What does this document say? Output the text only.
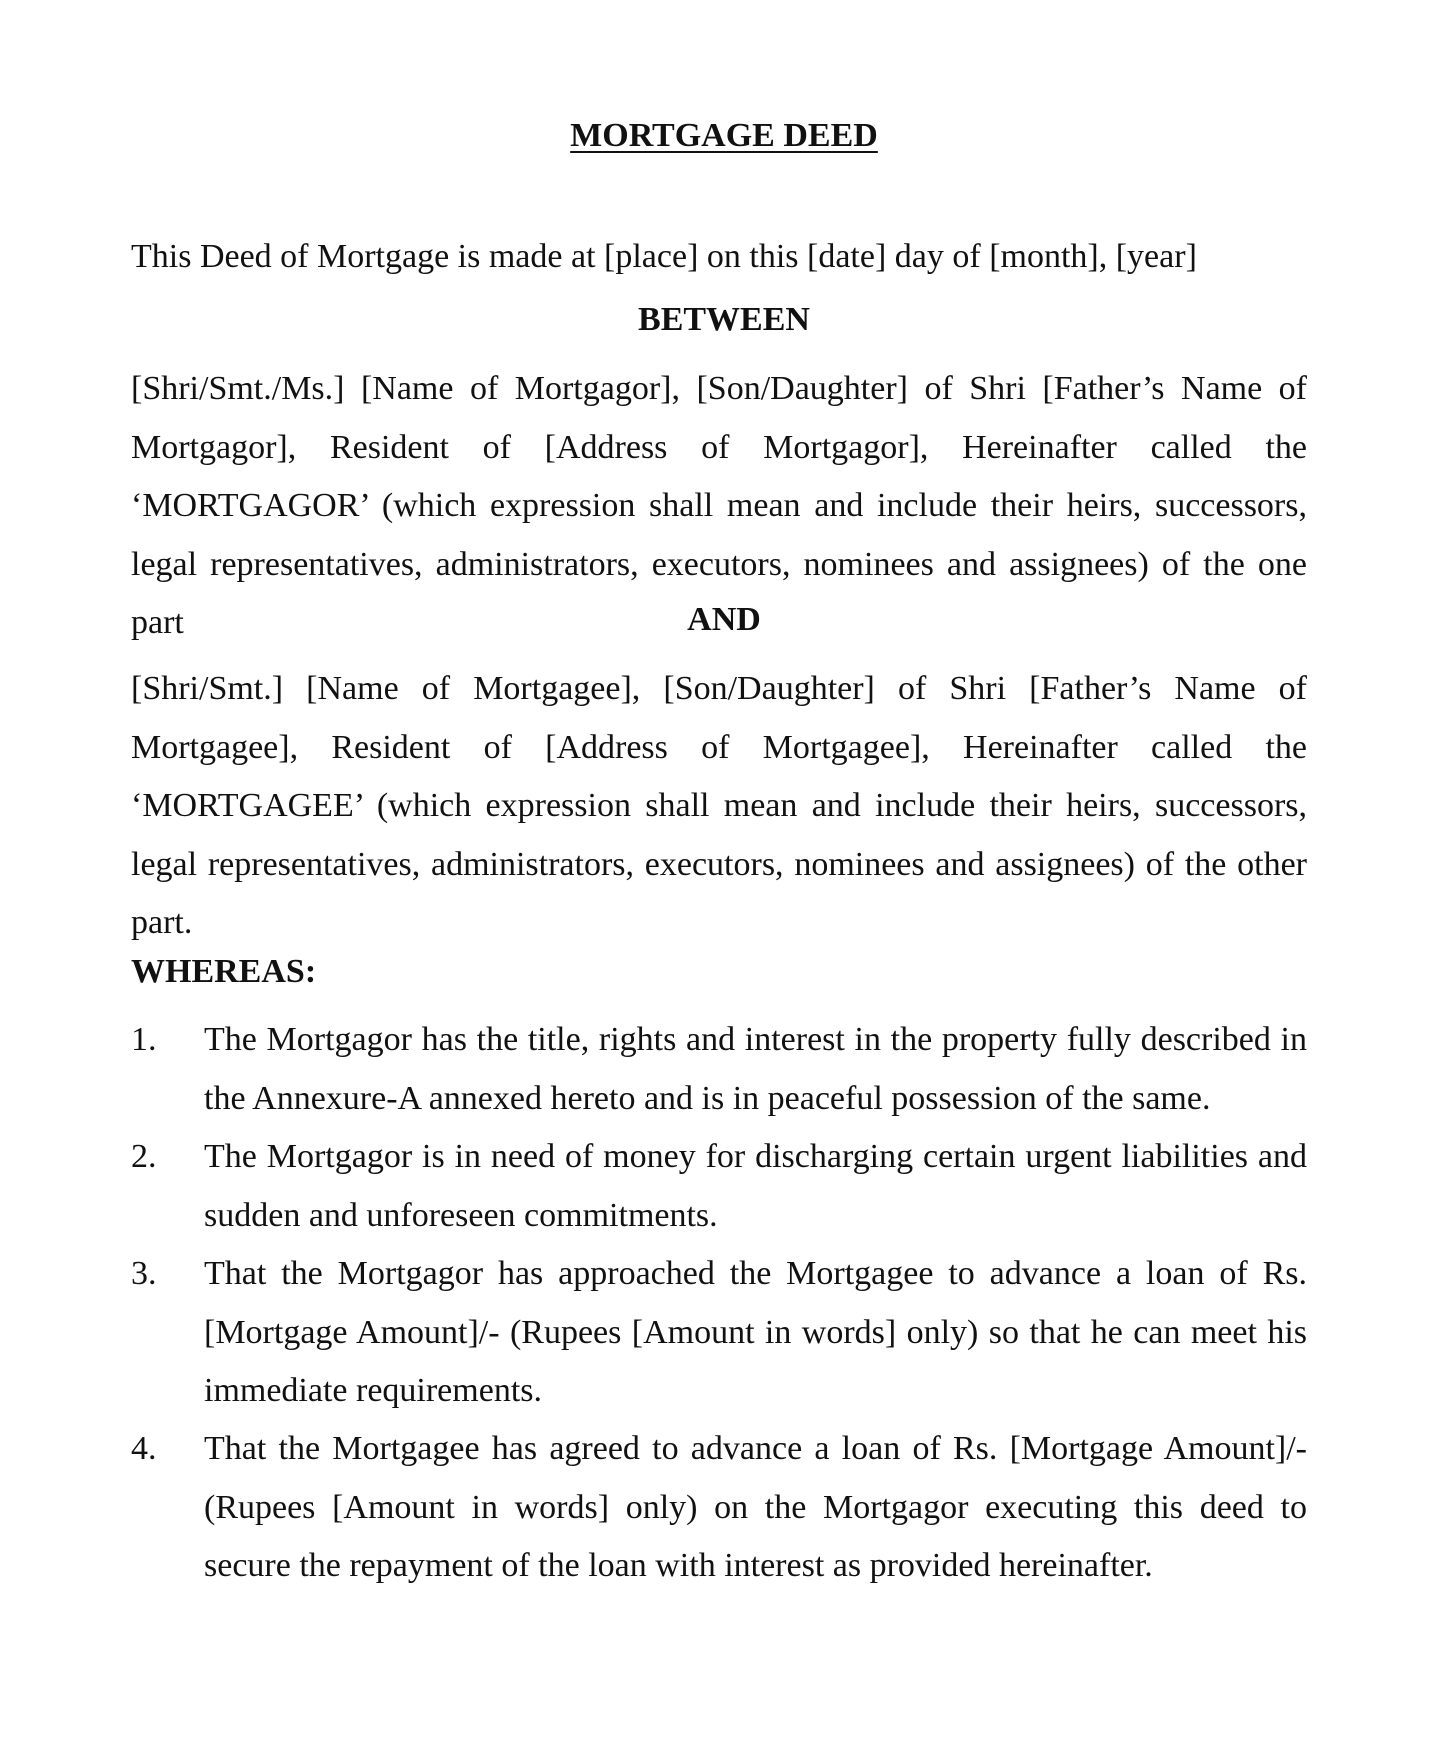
MORTGAGE DEED
This Deed of Mortgage is made at [place] on this [date] day of [month], [year]
BETWEEN
[Shri/Smt./Ms.] [Name of Mortgagor], [Son/Daughter] of Shri [Father’s Name of Mortgagor], Resident of [Address of Mortgagor], Hereinafter called the ‘MORTGAGOR’ (which expression shall mean and include their heirs, successors, legal representatives, administrators, executors, nominees and assignees) of the one part	AND
[Shri/Smt.] [Name of Mortgagee], [Son/Daughter] of Shri [Father’s Name of Mortgagee], Resident of [Address of Mortgagee], Hereinafter called the ‘MORTGAGEE’ (which expression shall mean and include their heirs, successors, legal representatives, administrators, executors, nominees and assignees) of the other part.
WHEREAS:
1. The Mortgagor has the title, rights and interest in the property fully described in the Annexure-A annexed hereto and is in peaceful possession of the same.
2. The Mortgagor is in need of money for discharging certain urgent liabilities and sudden and unforeseen commitments.
3. That the Mortgagor has approached the Mortgagee to advance a loan of Rs. [Mortgage Amount]/- (Rupees [Amount in words] only) so that he can meet his immediate requirements.
4. That the Mortgagee has agreed to advance a loan of Rs. [Mortgage Amount]/- (Rupees [Amount in words] only) on the Mortgagor executing this deed to secure the repayment of the loan with interest as provided hereinafter.
